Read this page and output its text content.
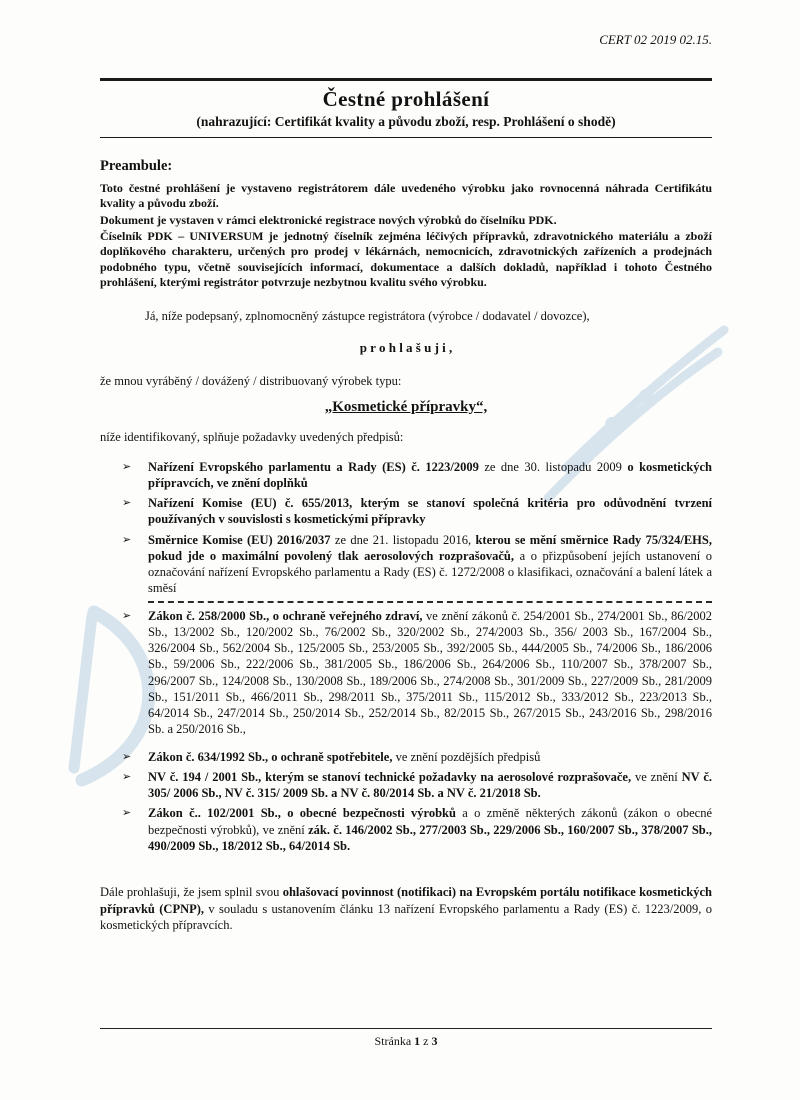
CERT 02 2019 02.15.
Čestné prohlášení
(nahrazující: Certifikát kvality a původu zboží, resp. Prohlášení o shodě)
Preambule:

Toto čestné prohlášení je vystaveno registrátorem dále uvedeného výrobku jako rovnocenná náhrada Certifikátu kvality a původu zboží.

Dokument je vystaven v rámci elektronické registrace nových výrobků do číselníku PDK.

Číselník PDK – UNIVERSUM je jednotný číselník zejména léčivých přípravků, zdravotnického materiálu a zboží doplňkového charakteru, určených pro prodej v lékárnách, nemocnicích, zdravotnických zařízeních a prodejnách podobného typu, včetně souvisejících informací, dokumentace a dalších dokladů, například i tohoto Čestného prohlášení, kterými registrátor potvrzuje nezbytnou kvalitu svého výrobku.

Já, níže podepsaný, zplnomocněný zástupce registrátora (výrobce / dodavatel / dovozce),
p r o h l a š u j i ,
že mnou vyráběný / dovážený / distribuovaný výrobek typu:
„Kosmetické přípravky“,
níže identifikovaný, splňuje požadavky uvedených předpisů:
➢ Nařízení Evropského parlamentu a Rady (ES) č. 1223/2009 ze dne 30. listopadu 2009 o kosmetických přípravcích, ve znění doplňků
➢ Nařízení Komise (EU) č. 655/2013, kterým se stanoví společná kritéria pro odůvodnění tvrzení používaných v souvislosti s kosmetickými přípravky
➢ Směrnice Komise (EU) 2016/2037 ze dne 21. listopadu 2016, kterou se mění směrnice Rady 75/324/EHS, pokud jde o maximální povolený tlak aerosolových rozprašovačů, a o přizpůsobení jejích ustanovení o označování nařízení Evropského parlamentu a Rady (ES) č. 1272/2008 o klasifikaci, označování a balení látek a směsí
➢ Zákon č. 258/2000 Sb., o ochraně veřejného zdraví, ve znění zákonů č. 254/2001 Sb., 274/2001 Sb., 86/2002 Sb., 13/2002 Sb., 120/2002 Sb., 76/2002 Sb., 320/2002 Sb., 274/2003 Sb., 356/ 2003 Sb., 167/2004 Sb., 326/2004 Sb., 562/2004 Sb., 125/2005 Sb., 253/2005 Sb., 392/2005 Sb., 444/2005 Sb., 74/2006 Sb., 186/2006 Sb., 59/2006 Sb., 222/2006 Sb., 381/2005 Sb., 186/2006 Sb., 264/2006 Sb., 110/2007 Sb., 378/2007 Sb., 296/2007 Sb., 124/2008 Sb., 130/2008 Sb., 189/2006 Sb., 274/2008 Sb., 301/2009 Sb., 227/2009 Sb., 281/2009 Sb., 151/2011 Sb., 466/2011 Sb., 298/2011 Sb., 375/2011 Sb., 115/2012 Sb., 333/2012 Sb., 223/2013 Sb., 64/2014 Sb., 247/2014 Sb., 250/2014 Sb., 252/2014 Sb., 82/2015 Sb., 267/2015 Sb., 243/2016 Sb., 298/2016 Sb. a 250/2016 Sb.,
➢ Zákon č. 634/1992 Sb., o ochraně spotřebitele, ve znění pozdějších předpisů
➢ NV č. 194 / 2001 Sb., kterým se stanoví technické požadavky na aerosolové rozprašovače, ve znění NV č. 305/ 2006 Sb., NV č. 315/ 2009 Sb. a NV č. 80/2014 Sb. a NV č. 21/2018 Sb.
➢ Zákon č.. 102/2001 Sb., o obecné bezpečnosti výrobků a o změně některých zákonů (zákon o obecné bezpečnosti výrobků), ve znění zák. č. 146/2002 Sb., 277/2003 Sb., 229/2006 Sb., 160/2007 Sb., 378/2007 Sb., 490/2009 Sb., 18/2012 Sb., 64/2014 Sb.
Dále prohlašuji, že jsem splnil svou ohlašovací povinnost (notifikaci) na Evropském portálu notifikace kosmetických přípravků (CPNP), v souladu s ustanovením článku 13 nařízení Evropského parlamentu a Rady (ES) č. 1223/2009, o kosmetických přípravcích.
Stránka 1 z 3
